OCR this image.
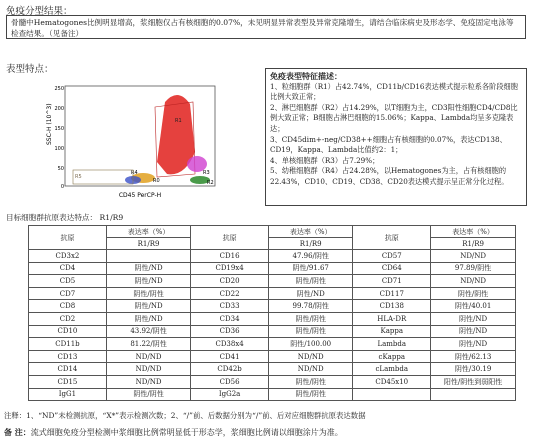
免疫分型结果：
骨髓中Hematogones比例明显增高，浆细胞仅占有核细胞的0.07%，未见明显异常表型及异常克隆增生，请结合临床病史及形态学、免疫固定电泳等检查结果。（见备注）
表型特点：
SSC-H (10^3)
250
200
150
100
50
0
R1
R3
R2
R4
R5
R0
CD45 PerCP-H
免疫表型特征描述：
1、粒细胞群（R1）占42.74%，CD11b/CD16表达模式提示粒系各阶段细胞比例大致正常；
2、淋巴细胞群（R2）占14.29%，以T细胞为主，CD3阳性细胞CD4/CD8比例大致正常；B细胞占淋巴细胞的15.06%；Kappa、Lambda均呈多克隆表达；
3、CD45dim+-neg/CD38++细胞占有核细胞的0.07%，表达CD138、CD19，Kappa、Lambda比值约2：1；
4、单核细胞群（R3）占7.29%；
5、幼稚细胞群（R4）占24.28%，以Hematogones为主，占有核细胞的22.43%，CD10、CD19、CD38、CD20表达模式提示呈正常分化过程。
目标细胞群抗原表达特点： R1/R9
抗原	表达率（%）	抗原	表达率（%）	抗原	表达率（%）
	R1/R9		R1/R9		R1/R9
CD3x2		CD16	47.96/阴性	CD57	ND/ND
CD4	阴性/ND	CD19x4	阴性/91.67	CD64	97.89/阴性
CD5	阴性/ND	CD20	阴性/阴性	CD71	ND/ND
CD7	阴性/阴性	CD22	阴性/ND	CD117	阴性/阴性
CD8	阴性/ND	CD33	99.78/阴性	CD138	阴性/40.01
CD2	阴性/ND	CD34	阴性/阴性	HLA-DR	阴性/ND
CD10	43.92/阴性	CD36	阴性/阴性	Kappa	阴性/ND
CD11b	81.22/阴性	CD38x4	阴性/100.00	Lambda	阴性/ND
CD13	ND/ND	CD41	ND/ND	cKappa	阴性/62.13
CD14	ND/ND	CD42b	ND/ND	cLambda	阴性/30.19
CD15	ND/ND	CD56	阴性/阴性	CD45x10	阳性/阴性到弱阳性
IgG1	阴性/阴性	IgG2a	阴性/阴性		
注释：1、“ND”未检测抗原，“X*”表示检测次数；2、“/”前、后数据分别为“/”前、后对应细胞群抗原表达数据
备 注：流式细胞免疫分型检测中浆细胞比例常明显低于形态学，浆细胞比例请以细胞涂片为准。
